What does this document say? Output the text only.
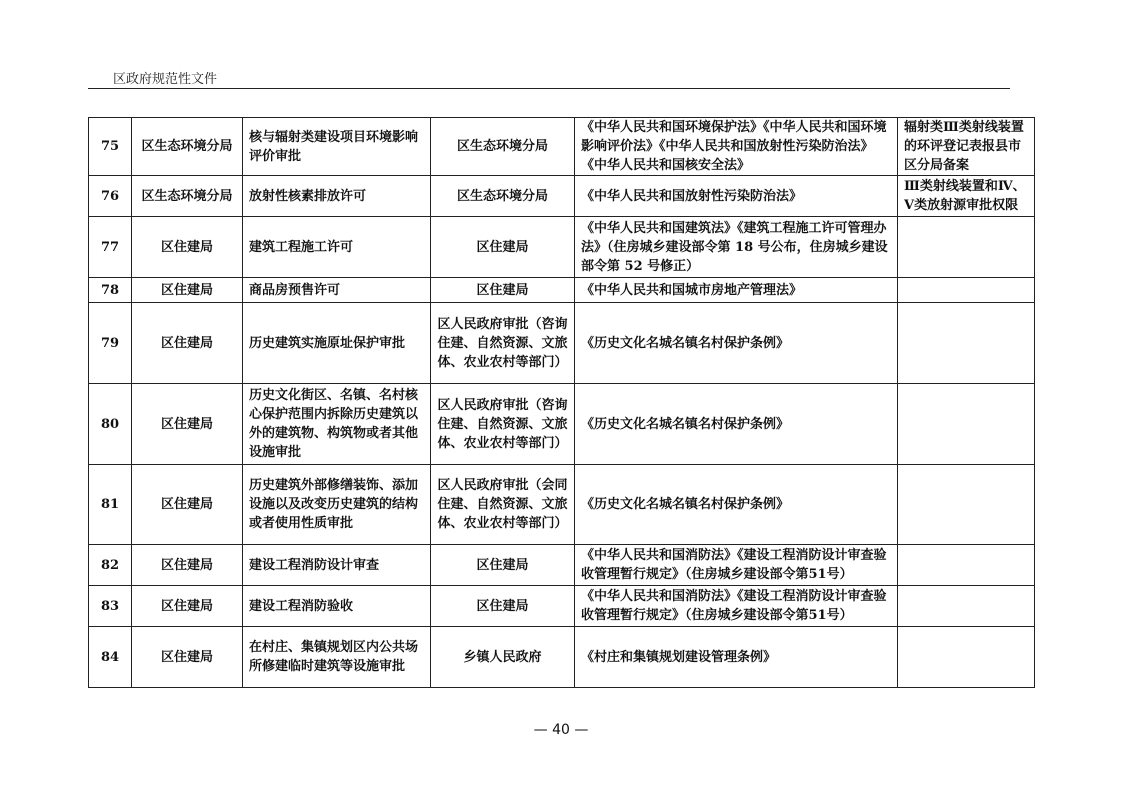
区政府规范性文件
75	区生态环境分局	核与辐射类建设项目环境影响评价审批	区生态环境分局	《中华人民共和国环境保护法》《中华人民共和国环境影响评价法》《中华人民共和国放射性污染防治法》《中华人民共和国核安全法》	辐射类Ⅲ类射线装置的环评登记表报县市区分局备案
76	区生态环境分局	放射性核素排放许可	区生态环境分局	《中华人民共和国放射性污染防治法》	Ⅲ类射线装置和Ⅳ、Ⅴ类放射源审批权限
77	区住建局	建筑工程施工许可	区住建局	《中华人民共和国建筑法》《建筑工程施工许可管理办法》（住房城乡建设部令第 18 号公布，住房城乡建设部令第 52 号修正）	
78	区住建局	商品房预售许可	区住建局	《中华人民共和国城市房地产管理法》	
79	区住建局	历史建筑实施原址保护审批	区人民政府审批（咨询住建、自然资源、文旅体、农业农村等部门）	《历史文化名城名镇名村保护条例》	
80	区住建局	历史文化街区、名镇、名村核心保护范围内拆除历史建筑以外的建筑物、构筑物或者其他设施审批	区人民政府审批（咨询住建、自然资源、文旅体、农业农村等部门）	《历史文化名城名镇名村保护条例》	
81	区住建局	历史建筑外部修缮装饰、添加设施以及改变历史建筑的结构或者使用性质审批	区人民政府审批（会同住建、自然资源、文旅体、农业农村等部门）	《历史文化名城名镇名村保护条例》	
82	区住建局	建设工程消防设计审查	区住建局	《中华人民共和国消防法》《建设工程消防设计审查验收管理暂行规定》（住房城乡建设部令第51号）	
83	区住建局	建设工程消防验收	区住建局	《中华人民共和国消防法》《建设工程消防设计审查验收管理暂行规定》（住房城乡建设部令第51号）	
84	区住建局	在村庄、集镇规划区内公共场所修建临时建筑等设施审批	乡镇人民政府	《村庄和集镇规划建设管理条例》	
— 40 —
